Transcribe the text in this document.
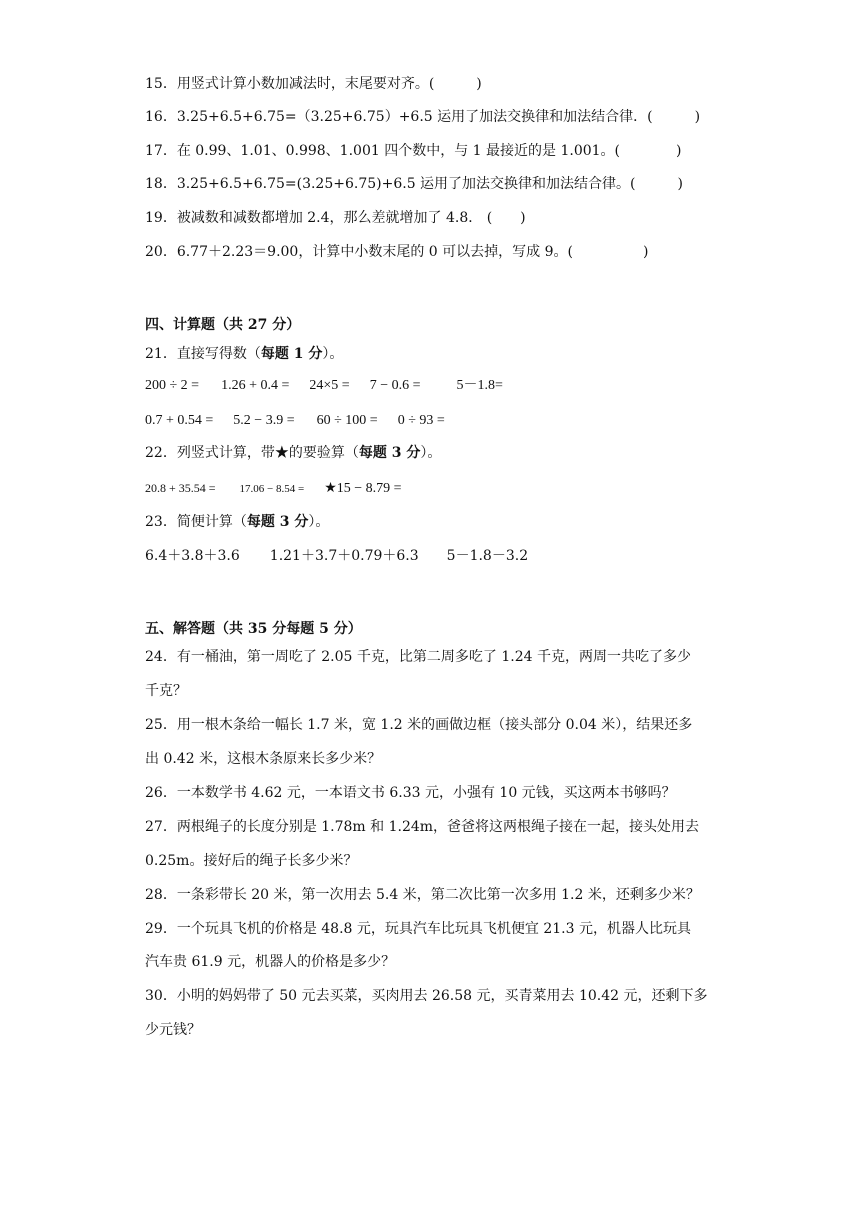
15．用竖式计算小数加减法时，末尾要对齐。(　　　)
16．3.25+6.5+6.75=（3.25+6.75）+6.5 运用了加法交换律和加法结合律．(　　　)
17．在 0.99、1.01、0.998、1.001 四个数中，与 1 最接近的是 1.001。(　　　　)
18．3.25+6.5+6.75=(3.25+6.75)+6.5 运用了加法交换律和加法结合律。(　　　)
19．被减数和减数都增加 2.4，那么差就增加了 4.8． (　　)
20．6.77＋2.23＝9.00，计算中小数末尾的 0 可以去掉，写成 9。(　　　　　)
四、计算题（共 27 分）
21．直接写得数（每题 1 分）。
200 ÷ 2 = 1.26 + 0.4 = 24×5 = 7 − 0.6 =	5－1.8=
0.7 + 0.54 = 5.2 − 3.9 = 60 ÷ 100 = 0 ÷ 93 =
22．列竖式计算，带★的要验算（每题 3 分）。
20.8 + 35.54 = 17.06 − 8.54 = ★15 − 8.79 =
23．简便计算（每题 3 分）。
6.4＋3.8＋3.6 1.21＋3.7＋0.79＋6.3 5－1.8－3.2
五、解答题（共 35 分每题 5 分）
24．有一桶油，第一周吃了 2.05 千克，比第二周多吃了 1.24 千克，两周一共吃了多少
千克？
25．用一根木条给一幅长 1.7 米，宽 1.2 米的画做边框（接头部分 0.04 米），结果还多
出 0.42 米，这根木条原来长多少米？
26．一本数学书 4.62 元，一本语文书 6.33 元，小强有 10 元钱，买这两本书够吗？
27．两根绳子的长度分别是 1.78m 和 1.24m，爸爸将这两根绳子接在一起，接头处用去
0.25m。接好后的绳子长多少米？
28．一条彩带长 20 米，第一次用去 5.4 米，第二次比第一次多用 1.2 米，还剩多少米？
29．一个玩具飞机的价格是 48.8 元，玩具汽车比玩具飞机便宜 21.3 元，机器人比玩具
汽车贵 61.9 元，机器人的价格是多少？
30．小明的妈妈带了 50 元去买菜，买肉用去 26.58 元，买青菜用去 10.42 元，还剩下多
少元钱？
